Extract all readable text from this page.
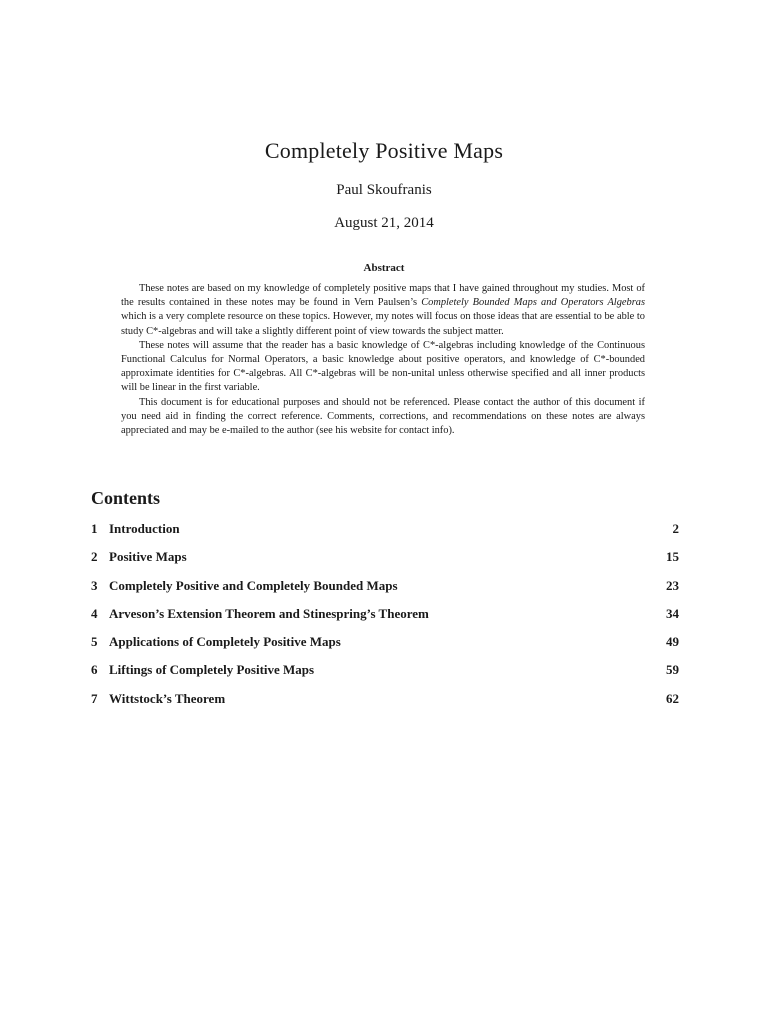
Completely Positive Maps
Paul Skoufranis
August 21, 2014
Abstract

These notes are based on my knowledge of completely positive maps that I have gained throughout my studies. Most of the results contained in these notes may be found in Vern Paulsen’s Completely Bounded Maps and Operators Algebras which is a very complete resource on these topics. However, my notes will focus on those ideas that are essential to be able to study C*-algebras and will take a slightly different point of view towards the subject matter.

These notes will assume that the reader has a basic knowledge of C*-algebras including knowledge of the Continuous Functional Calculus for Normal Operators, a basic knowledge about positive operators, and knowledge of C*-bounded approximate identities for C*-algebras. All C*-algebras will be non-unital unless otherwise specified and all inner products will be linear in the first variable.

This document is for educational purposes and should not be referenced. Please contact the author of this document if you need aid in finding the correct reference. Comments, corrections, and recommendations on these notes are always appreciated and may be e-mailed to the author (see his website for contact info).

Contents
1 Introduction	2
2 Positive Maps	15
3 Completely Positive and Completely Bounded Maps	23
4 Arveson’s Extension Theorem and Stinespring’s Theorem	34
5 Applications of Completely Positive Maps	49
6 Liftings of Completely Positive Maps	59
7 Wittstock’s Theorem	62
